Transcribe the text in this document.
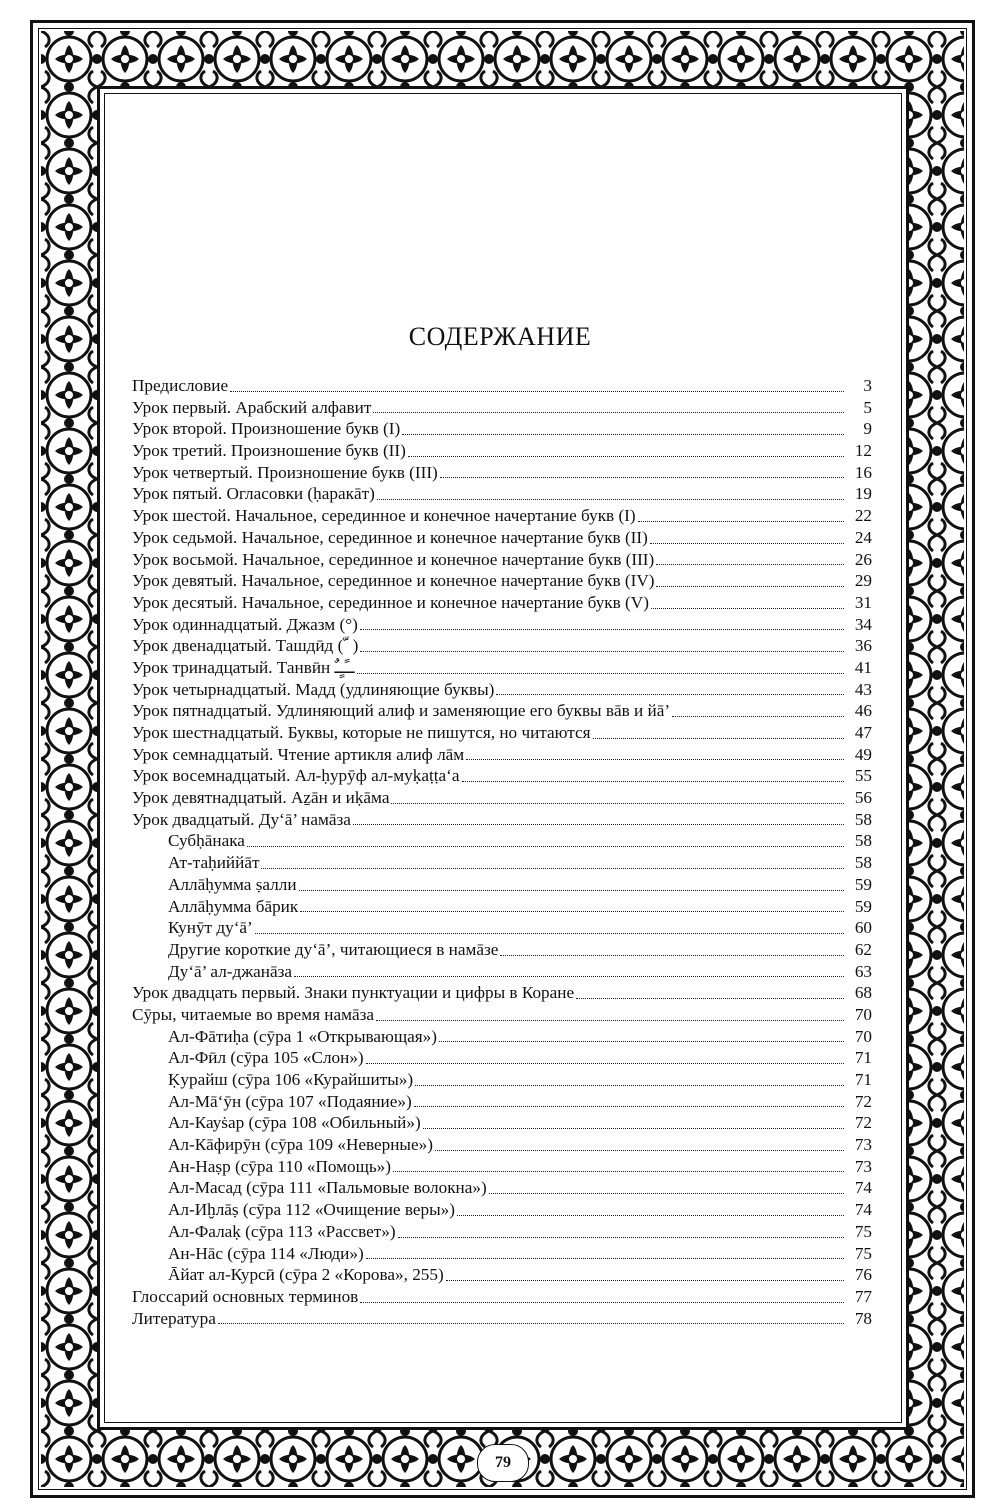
СОДЕРЖАНИЕ
Предисловие	3
Урок первый. Арабский алфавит	5
Урок второй. Произношение букв (I)	9
Урок третий. Произношение букв (II)	12
Урок четвертый. Произношение букв (III)	16
Урок пятый. Огласовки (ḥаракāт)	19
Урок шестой. Начальное, серединное и конечное начертание букв (I)	22
Урок седьмой. Начальное, серединное и конечное начертание букв (II)	24
Урок восьмой. Начальное, серединное и конечное начертание букв (III)	26
Урок девятый. Начальное, серединное и конечное начертание букв (IV)	29
Урок десятый. Начальное, серединное и конечное начертание букв (V)	31
Урок одиннадцатый. Джазм (°)	34
Урок двенадцатый. Ташдӣд ( ّ )	36
Урок тринадцатый. Танвӣн ــًـٍـٌ	41
Урок четырнадцатый. Мадд (удлиняющие буквы)	43
Урок пятнадцатый. Удлиняющий алиф и заменяющие его буквы вāв и йā’	46
Урок шестнадцатый. Буквы, которые не пишутся, но читаются	47
Урок семнадцатый. Чтение артикля алиф лāм	49
Урок восемнадцатый. Ал-ḥурӯф ал-муḳаṭṭа‘а	55
Урок девятнадцатый. Аẕāн и иḳāма	56
Урок двадцатый. Ду‘ā’ намāза	58
Субḥāнака	58
Ат-таḥиййāт	58
Аллāḥумма ṣалли	59
Аллāḥумма бāрик	59
Кунӯт ду‘ā’	60
Другие короткие ду‘ā’, читающиеся в намāзе	62
Ду‘ā’ ал-джанāза	63
Урок двадцать первый. Знаки пунктуации и цифры в Коране	68
Сӯры, читаемые во время намāза	70
Ал-Фāтиḥа (сӯра 1 «Открывающая»)	70
Ал-Фӣл (сӯра 105 «Слон»)	71
Ḳурайш (сӯра 106 «Курайшиты»)	71
Ал-Мā‘ӯн (сӯра 107 «Подаяние»)	72
Ал-Кауṡар (сӯра 108 «Обильный»)	72
Ал-Кāфирӯн (сӯра 109 «Неверные»)	73
Ан-Наṣр (сӯра 110 «Помощь»)	73
Ал-Масад (сӯра 111 «Пальмовые волокна»)	74
Ал-Иḫлāṣ (сӯра 112 «Очищение веры»)	74
Ал-Фалаḳ (сӯра 113 «Рассвет»)	75
Ан-Нāс (сӯра 114 «Люди»)	75
Āйат ал-Курсӣ (сӯра 2 «Корова», 255)	76
Глоссарий основных терминов	77
Литература	78
79
